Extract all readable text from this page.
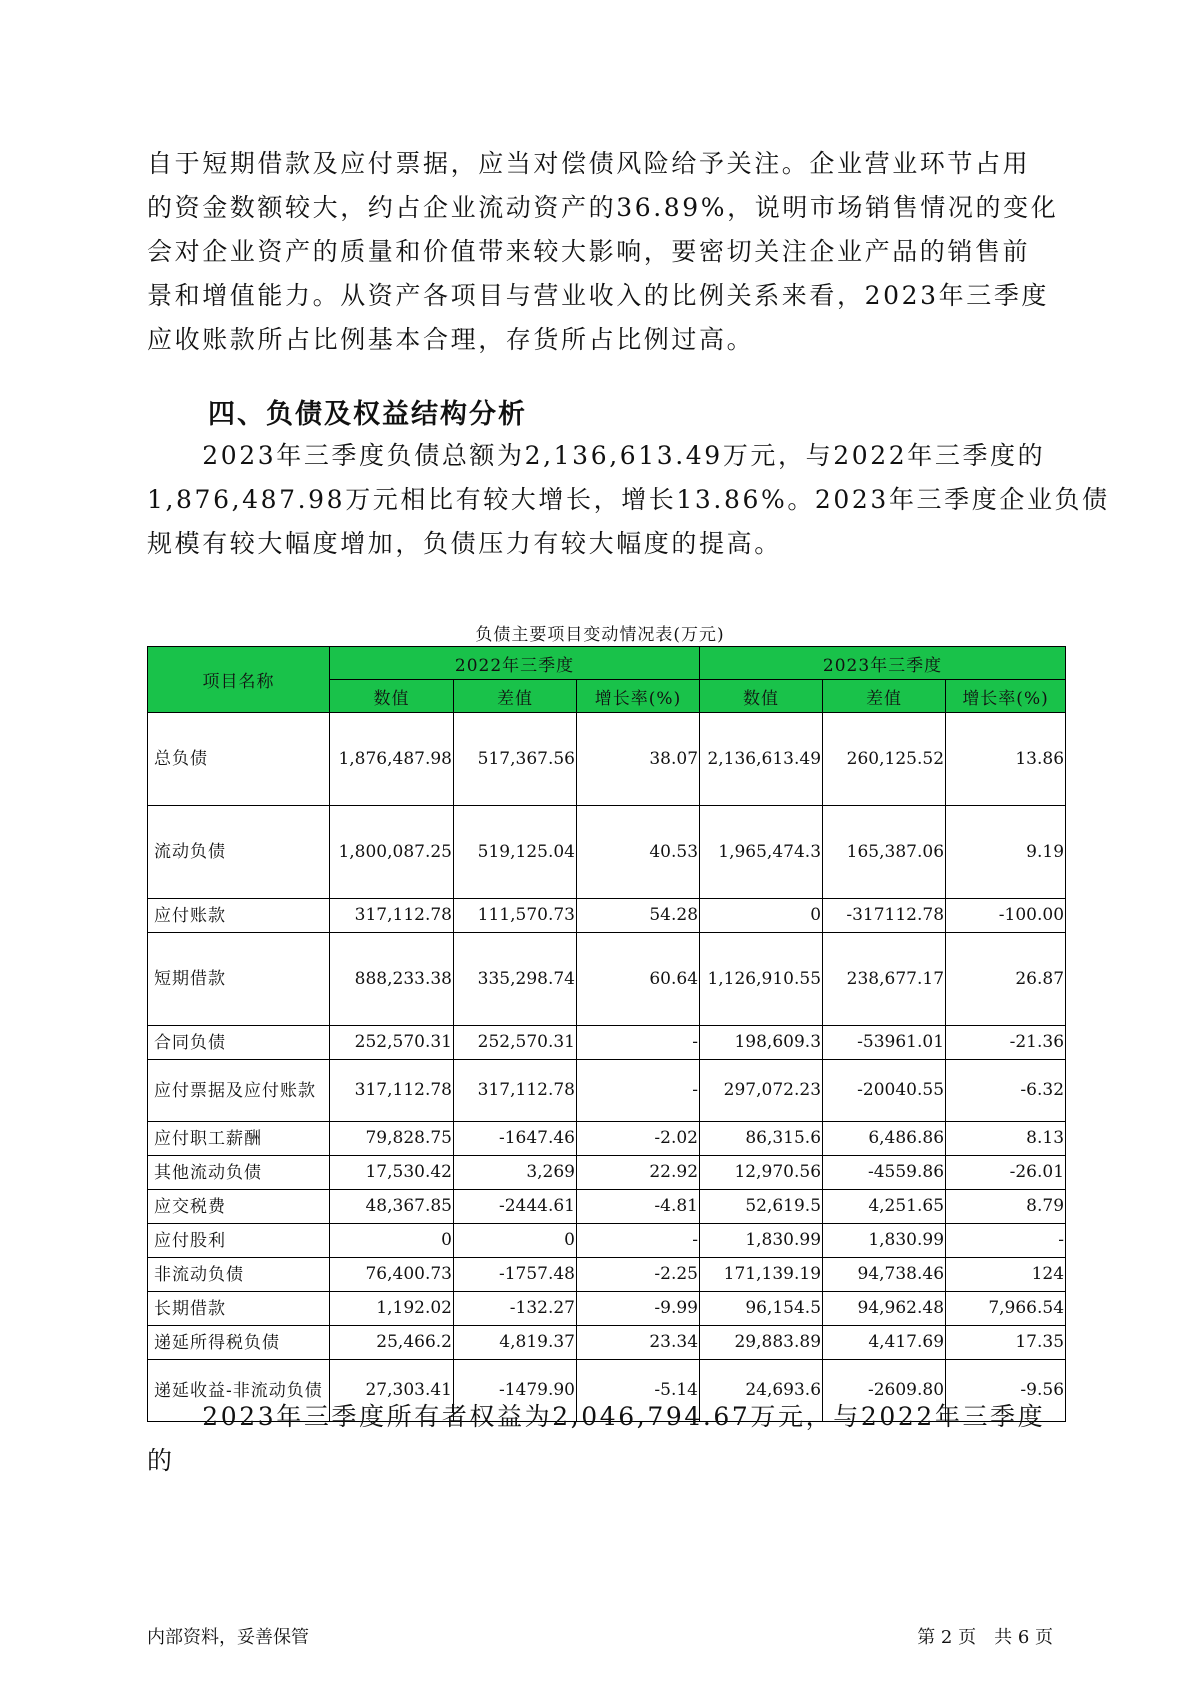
自于短期借款及应付票据，应当对偿债风险给予关注。企业营业环节占用
的资金数额较大，约占企业流动资产的36.89%，说明市场销售情况的变化
会对企业资产的质量和价值带来较大影响，要密切关注企业产品的销售前
景和增值能力。从资产各项目与营业收入的比例关系来看，2023年三季度
应收账款所占比例基本合理，存货所占比例过高。
四、负债及权益结构分析
　　2023年三季度负债总额为2,136,613.49万元，与2022年三季度的
1,876,487.98万元相比有较大增长，增长13.86%。2023年三季度企业负债
规模有较大幅度增加，负债压力有较大幅度的提高。
负债主要项目变动情况表(万元)
项目名称	2022年三季度			2023年三季度		
	数值	差值	增长率(%)	数值	差值	增长率(%)
总负债	1,876,487.98	517,367.56	38.07	2,136,613.49	260,125.52	13.86
流动负债	1,800,087.25	519,125.04	40.53	1,965,474.3	165,387.06	9.19
应付账款	317,112.78	111,570.73	54.28	0	-317112.78	-100.00
短期借款	888,233.38	335,298.74	60.64	1,126,910.55	238,677.17	26.87
合同负债	252,570.31	252,570.31	-	198,609.3	-53961.01	-21.36
应付票据及应付账款	317,112.78	317,112.78	-	297,072.23	-20040.55	-6.32
应付职工薪酬	79,828.75	-1647.46	-2.02	86,315.6	6,486.86	8.13
其他流动负债	17,530.42	3,269	22.92	12,970.56	-4559.86	-26.01
应交税费	48,367.85	-2444.61	-4.81	52,619.5	4,251.65	8.79
应付股利	0	0	-	1,830.99	1,830.99	-
非流动负债	76,400.73	-1757.48	-2.25	171,139.19	94,738.46	124
长期借款	1,192.02	-132.27	-9.99	96,154.5	94,962.48	7,966.54
递延所得税负债	25,466.2	4,819.37	23.34	29,883.89	4,417.69	17.35
递延收益-非流动负债	27,303.41	-1479.90	-5.14	24,693.6	-2609.80	-9.56
　　2023年三季度所有者权益为2,046,794.67万元，与2022年三季度的
内部资料，妥善保管	第 2 页　共 6 页
